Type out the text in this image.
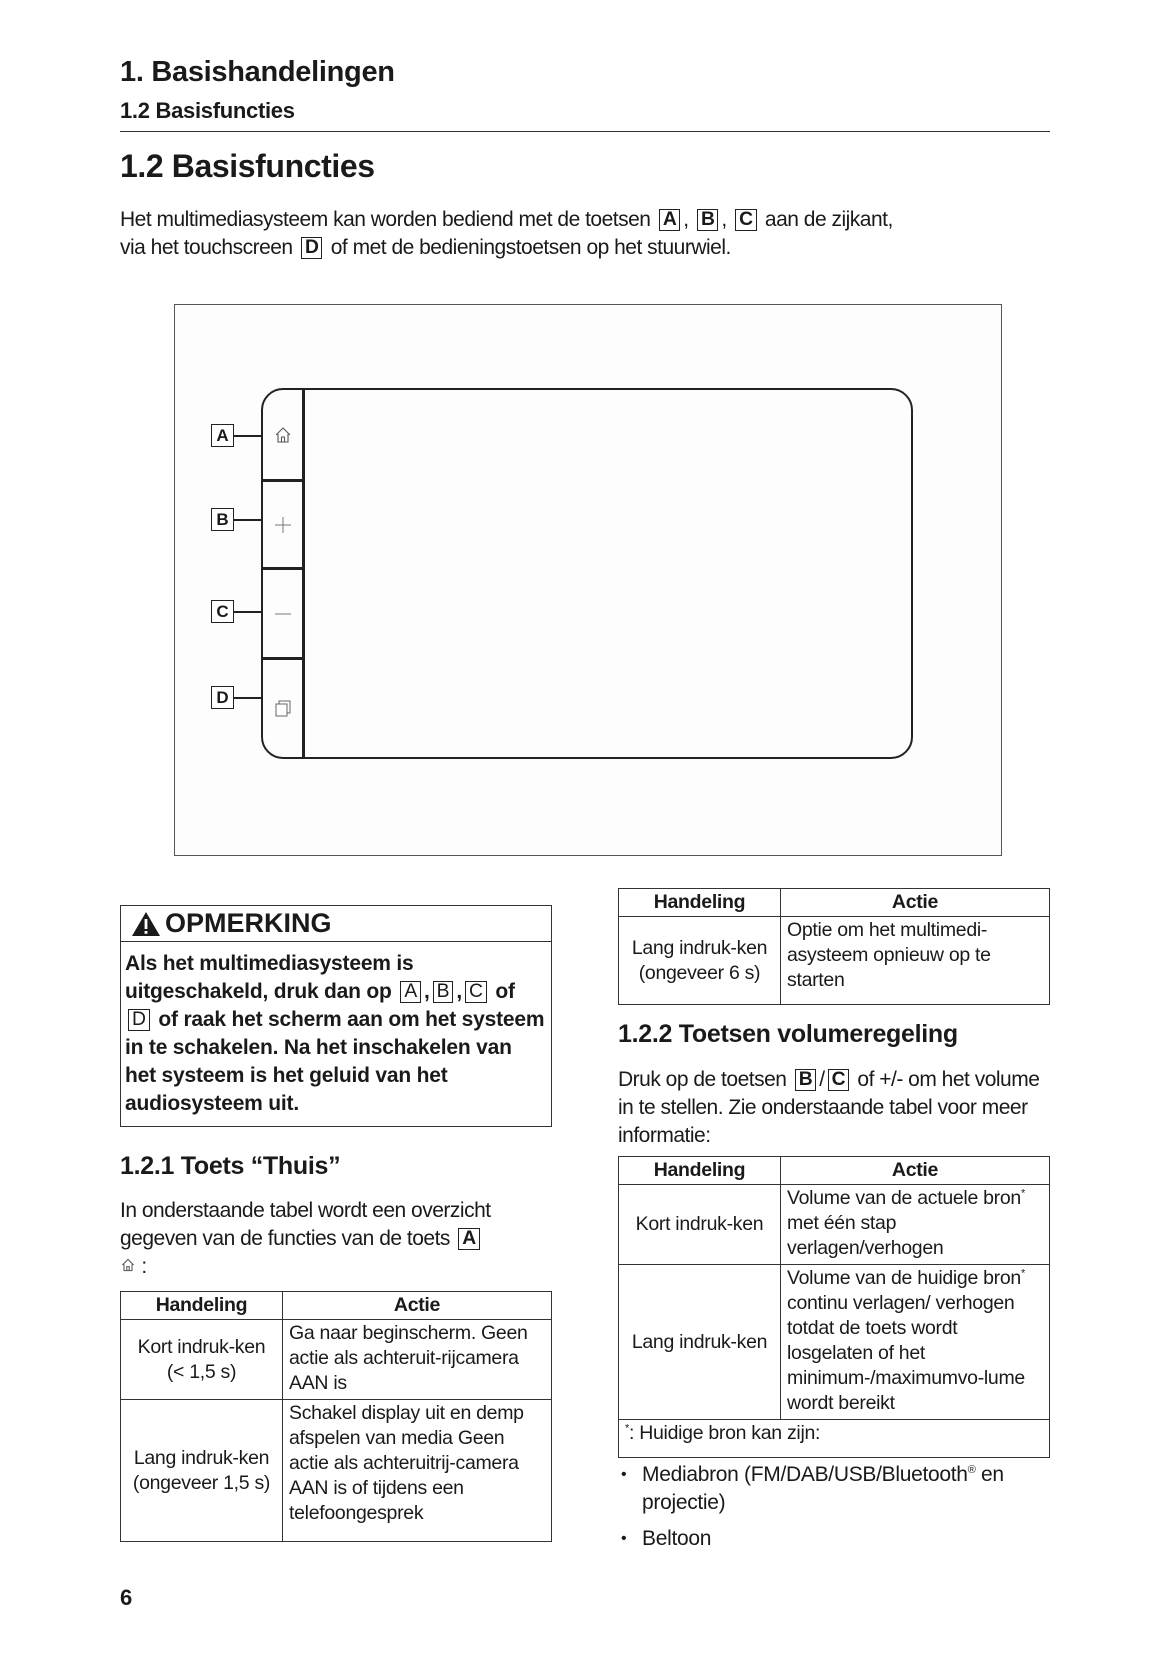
1. Basishandelingen
1.2 Basisfuncties
1.2 Basisfuncties
Het multimediasysteem kan worden bediend met de toetsen A , B , C aan de zijkant,
via het touchscreen D of met de bedieningstoetsen op het stuurwiel.
A
B
C
D
OPMERKING
Als het multimediasysteem is uitgeschakeld, druk dan op A , B , C of D of raak het scherm aan om het systeem in te schakelen. Na het inschakelen van het systeem is het geluid van het audiosysteem uit.
1.2.1 Toets “Thuis”
In onderstaande tabel wordt een overzicht gegeven van de functies van de toets A
:
Handeling	Actie
Kort indruk-ken (< 1,5 s)	Ga naar beginscherm. Geen actie als achteruit-rijcamera AAN is
Lang indruk-ken (ongeveer 1,5 s)	Schakel display uit en demp afspelen van media Geen actie als achteruitrij-camera AAN is of tijdens een telefoongesprek
Handeling	Actie
Lang indruk-ken (ongeveer 6 s)	Optie om het multimedi-asysteem opnieuw op te starten
1.2.2 Toetsen volumeregeling
Druk op de toetsen B / C of +/- om het volume in te stellen. Zie onderstaande tabel voor meer informatie:
Handeling	Actie
Kort indruk-ken	Volume van de actuele bron* met één stap verlagen/verhogen
Lang indruk-ken	Volume van de huidige bron* continu verlagen/ verhogen totdat de toets wordt losgelaten of het minimum-/maximumvo-lume wordt bereikt
*: Huidige bron kan zijn:	
• Mediabron (FM/DAB/USB/Bluetooth® en projectie)
• Beltoon
6
